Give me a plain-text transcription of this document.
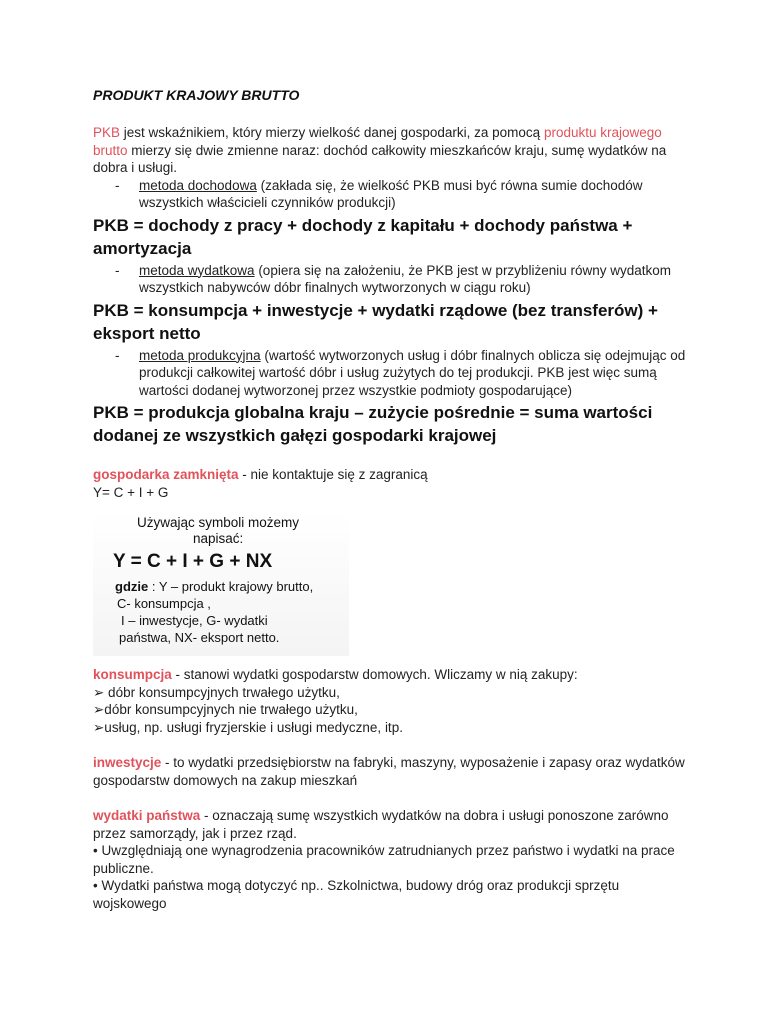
PRODUKT KRAJOWY BRUTTO

PKB jest wskaźnikiem, który mierzy wielkość danej gospodarki, za pomocą produktu krajowego brutto mierzy się dwie zmienne naraz: dochód całkowity mieszkańców kraju, sumę wydatków na dobra i usługi.

- metoda dochodowa (zakłada się, że wielkość PKB musi być równa sumie dochodów wszystkich właścicieli czynników produkcji)
PKB = dochody z pracy + dochody z kapitału + dochody państwa + amortyzacja
- metoda wydatkowa (opiera się na założeniu, że PKB jest w przybliżeniu równy wydatkom wszystkich nabywców dóbr finalnych wytworzonych w ciągu roku)
PKB = konsumpcja + inwestycje + wydatki rządowe (bez transferów) + eksport netto
- metoda produkcyjna (wartość wytworzonych usług i dóbr finalnych oblicza się odejmując od produkcji całkowitej wartość dóbr i usług zużytych do tej produkcji. PKB jest więc sumą wartości dodanej wytworzonej przez wszystkie podmioty gospodarujące)
PKB = produkcja globalna kraju – zużycie pośrednie = suma wartości dodanej ze wszystkich gałęzi gospodarki krajowej

gospodarka zamknięta - nie kontaktuje się z zagranicą

Y= C + I + G

Używając symboli możemy
napisać:
Y = C + I + G + NX
gdzie : Y – produkt krajowy brutto,
C- konsumpcja ,
I – inwestycje, G- wydatki
państwa, NX- eksport netto.

konsumpcja - stanowi wydatki gospodarstw domowych. Wliczamy w nią zakupy:

➢ dóbr konsumpcyjnych trwałego użytku,

➢dóbr konsumpcyjnych nie trwałego użytku,

➢usług, np. usługi fryzjerskie i usługi medyczne, itp.

inwestycje - to wydatki przedsiębiorstw na fabryki, maszyny, wyposażenie i zapasy oraz wydatków gospodarstw domowych na zakup mieszkań

wydatki państwa - oznaczają sumę wszystkich wydatków na dobra i usługi ponoszone zarówno przez samorządy, jak i przez rząd.

• Uwzględniają one wynagrodzenia pracowników zatrudnianych przez państwo i wydatki na prace publiczne.

• Wydatki państwa mogą dotyczyć np.. Szkolnictwa, budowy dróg oraz produkcji sprzętu wojskowego
